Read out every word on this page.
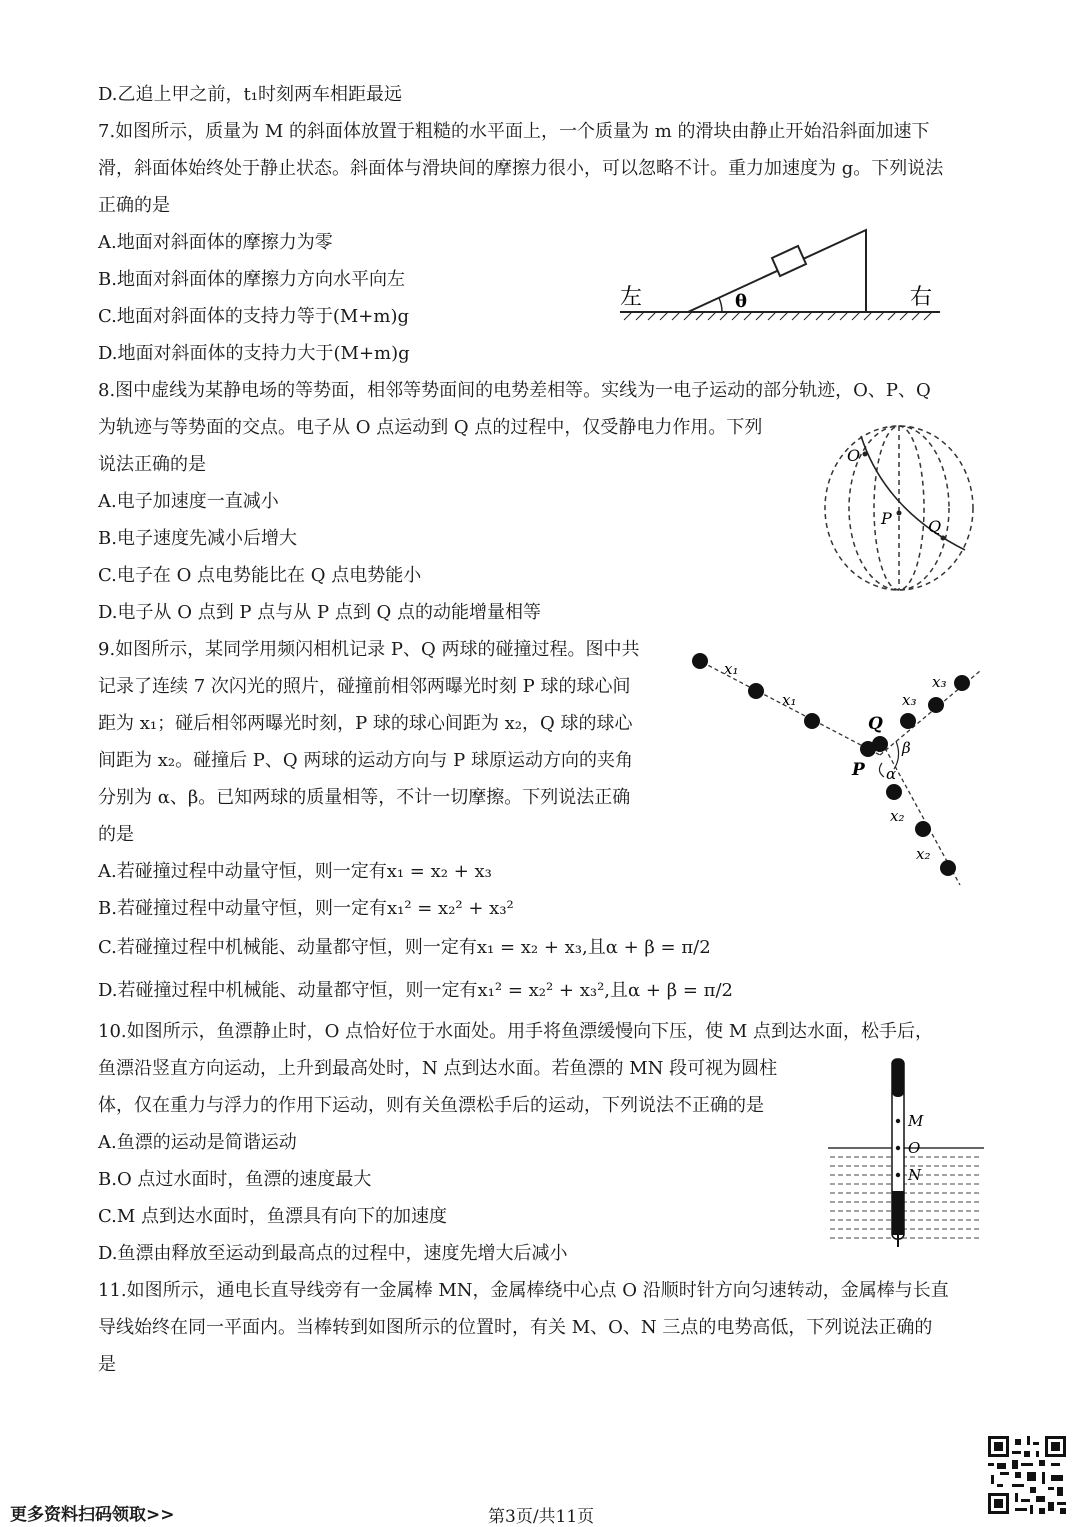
D.乙追上甲之前，t₁时刻两车相距最远
7.如图所示，质量为 M 的斜面体放置于粗糙的水平面上，一个质量为 m 的滑块由静止开始沿斜面加速下
滑，斜面体始终处于静止状态。斜面体与滑块间的摩擦力很小，可以忽略不计。重力加速度为 g。下列说法
正确的是
A.地面对斜面体的摩擦力为零
B.地面对斜面体的摩擦力方向水平向左
C.地面对斜面体的支持力等于(M+m)g
D.地面对斜面体的支持力大于(M+m)g
8.图中虚线为某静电场的等势面，相邻等势面间的电势差相等。实线为一电子运动的部分轨迹，O、P、Q
为轨迹与等势面的交点。电子从 O 点运动到 Q 点的过程中，仅受静电力作用。下列
说法正确的是
A.电子加速度一直减小
B.电子速度先减小后增大
C.电子在 O 点电势能比在 Q 点电势能小
D.电子从 O 点到 P 点与从 P 点到 Q 点的动能增量相等
9.如图所示，某同学用频闪相机记录 P、Q 两球的碰撞过程。图中共
记录了连续 7 次闪光的照片，碰撞前相邻两曝光时刻 P 球的球心间
距为 x₁；碰后相邻两曝光时刻，P 球的球心间距为 x₂，Q 球的球心
间距为 x₂。碰撞后 P、Q 两球的运动方向与 P 球原运动方向的夹角
分别为 α、β。已知两球的质量相等，不计一切摩擦。下列说法正确
的是
A.若碰撞过程中动量守恒，则一定有x₁ = x₂ + x₃
B.若碰撞过程中动量守恒，则一定有x₁² = x₂² + x₃²
C.若碰撞过程中机械能、动量都守恒，则一定有x₁ = x₂ + x₃,且α + β = π/2
D.若碰撞过程中机械能、动量都守恒，则一定有x₁² = x₂² + x₃²,且α + β = π/2
10.如图所示，鱼漂静止时，O 点恰好位于水面处。用手将鱼漂缓慢向下压，使 M 点到达水面，松手后，
鱼漂沿竖直方向运动，上升到最高处时，N 点到达水面。若鱼漂的 MN 段可视为圆柱
体，仅在重力与浮力的作用下运动，则有关鱼漂松手后的运动，下列说法不正确的是
A.鱼漂的运动是简谐运动
B.O 点过水面时，鱼漂的速度最大
C.M 点到达水面时，鱼漂具有向下的加速度
D.鱼漂由释放至运动到最高点的过程中，速度先增大后减小
11.如图所示，通电长直导线旁有一金属棒 MN，金属棒绕中心点 O 沿顺时针方向匀速转动，金属棒与长直
导线始终在同一平面内。当棒转到如图所示的位置时，有关 M、O、N 三点的电势高低，下列说法正确的
是
θ
左	右
O
P Q
x₁
x₁	x₃
x₃
x₂
x₂
Q
P
β
α
M
O
N
更多资料扫码领取>>	第3页/共11页
